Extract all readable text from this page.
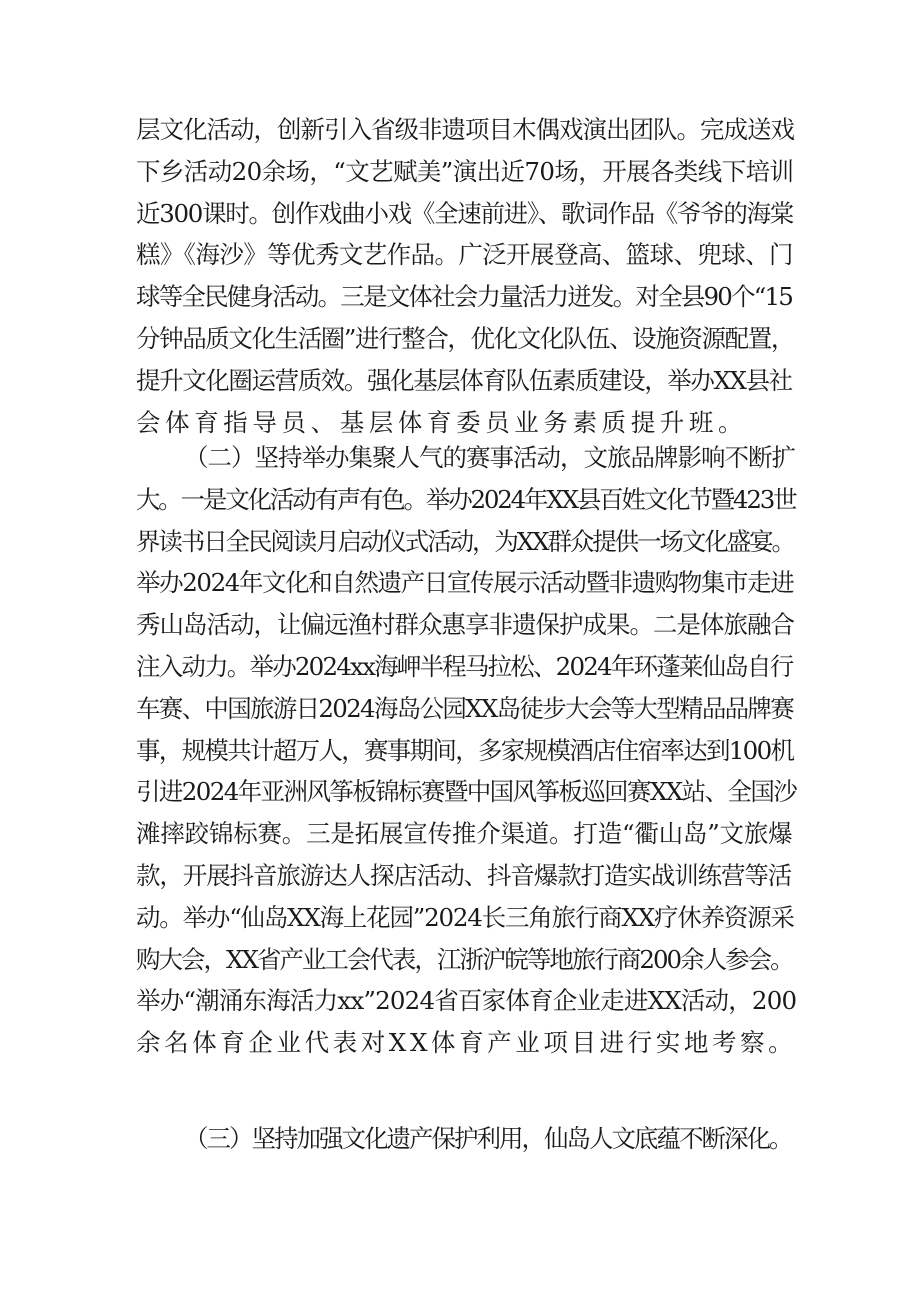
层文化活动，创新引入省级非遗项目木偶戏演出团队。完成送戏
下乡活动20余场，“文艺赋美”演出近70场，开展各类线下培训
近300课时。创作戏曲小戏《全速前进》、歌词作品《爷爷的海棠
糕》《海沙》等优秀文艺作品。广泛开展登高、篮球、兜球、门
球等全民健身活动。三是文体社会力量活力迸发。对全县90个“15
分钟品质文化生活圈”进行整合，优化文化队伍、设施资源配置，
提升文化圈运营质效。强化基层体育队伍素质建设，举办XX县社
会体育指导员、基层体育委员业务素质提升班。
（二）坚持举办集聚人气的赛事活动，文旅品牌影响不断扩
大。一是文化活动有声有色。举办2024年XX县百姓文化节暨423世
界读书日全民阅读月启动仪式活动，为XX群众提供一场文化盛宴。
举办2024年文化和自然遗产日宣传展示活动暨非遗购物集市走进
秀山岛活动，让偏远渔村群众惠享非遗保护成果。二是体旅融合
注入动力。举办2024xx海岬半程马拉松、2024年环蓬莱仙岛自行
车赛、中国旅游日2024海岛公园XX岛徒步大会等大型精品品牌赛
事，规模共计超万人，赛事期间，多家规模酒店住宿率达到100机
引进2024年亚洲风筝板锦标赛暨中国风筝板巡回赛XX站、全国沙
滩摔跤锦标赛。三是拓展宣传推介渠道。打造“衢山岛”文旅爆
款，开展抖音旅游达人探店活动、抖音爆款打造实战训练营等活
动。举办“仙岛XX海上花园”2024长三角旅行商XX疗休养资源采
购大会，XX省产业工会代表，江浙沪皖等地旅行商200余人参会。
举办“潮涌东海活力xx”2024省百家体育企业走进XX活动，200
余名体育企业代表对XX体育产业项目进行实地考察。
（三）坚持加强文化遗产保护利用，仙岛人文底蕴不断深化。
